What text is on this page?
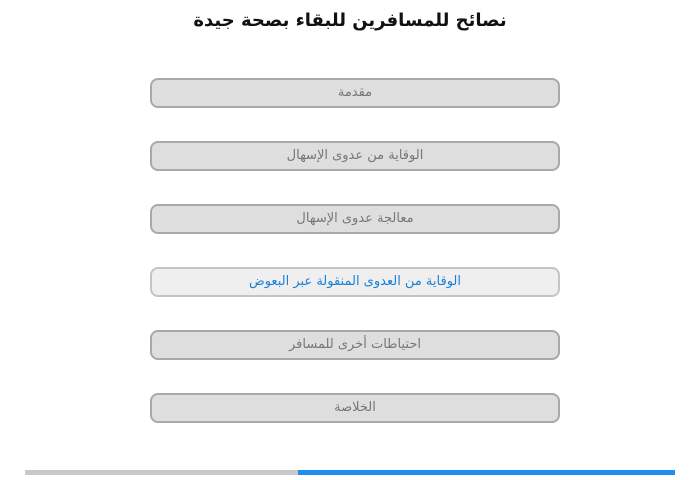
نصائح للمسافرين للبقاء بصحة جيدة
مقدمة
الوقاية من عدوى الإسهال
معالجة عدوى الإسهال
الوقاية من العدوى المنقولة عبر البعوض
احتياطات أخرى للمسافر
الخلاصة
